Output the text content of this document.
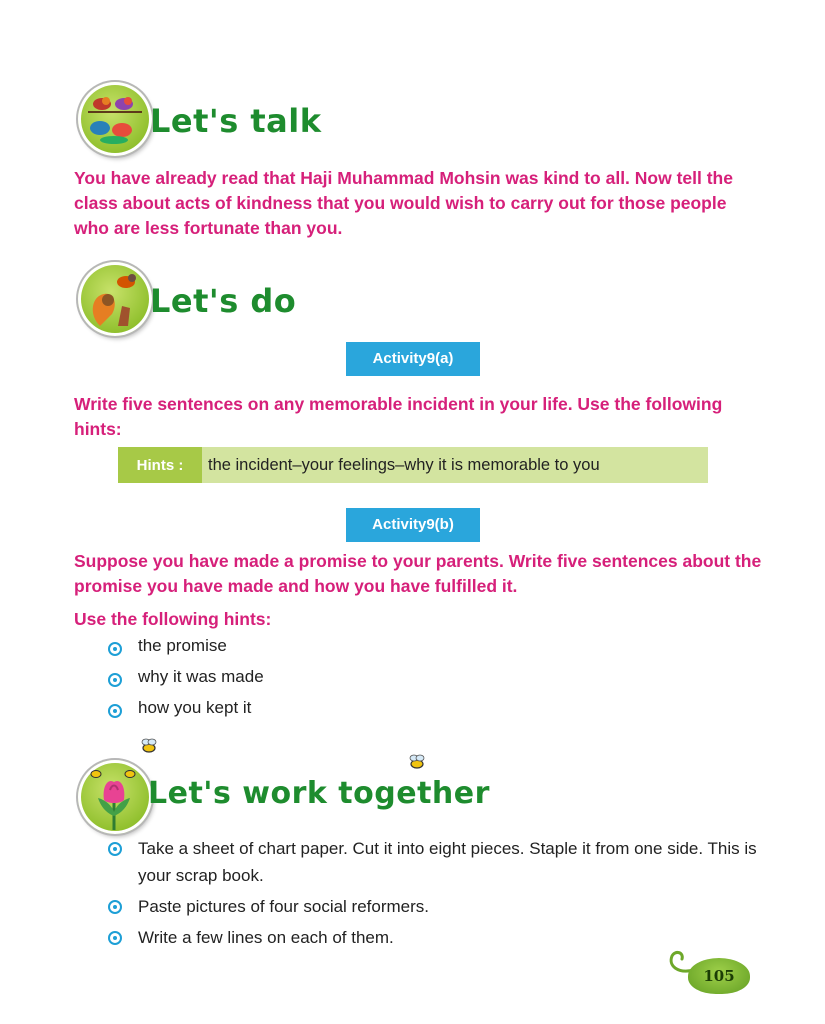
Let's talk
You have already read that Haji Muhammad Mohsin was kind to all. Now tell the class about acts of kindness that you would wish to carry out for those people who are less fortunate than you.
Let's do
Activity9(a)
Write five sentences on any memorable incident in your life. Use the following hints:
Hints :	the incident–your feelings–why it is memorable to you
Activity9(b)
Suppose you have made a promise to your parents. Write five sentences about the promise you have made and how you have fulfilled it.
Use the following hints:
the promise
why it was made
how you kept it
Let's work together
Take a sheet of chart paper. Cut it into eight pieces. Staple it from one side. This is your scrap book.
Paste pictures of four social reformers.
Write a few lines on each of them.
105
